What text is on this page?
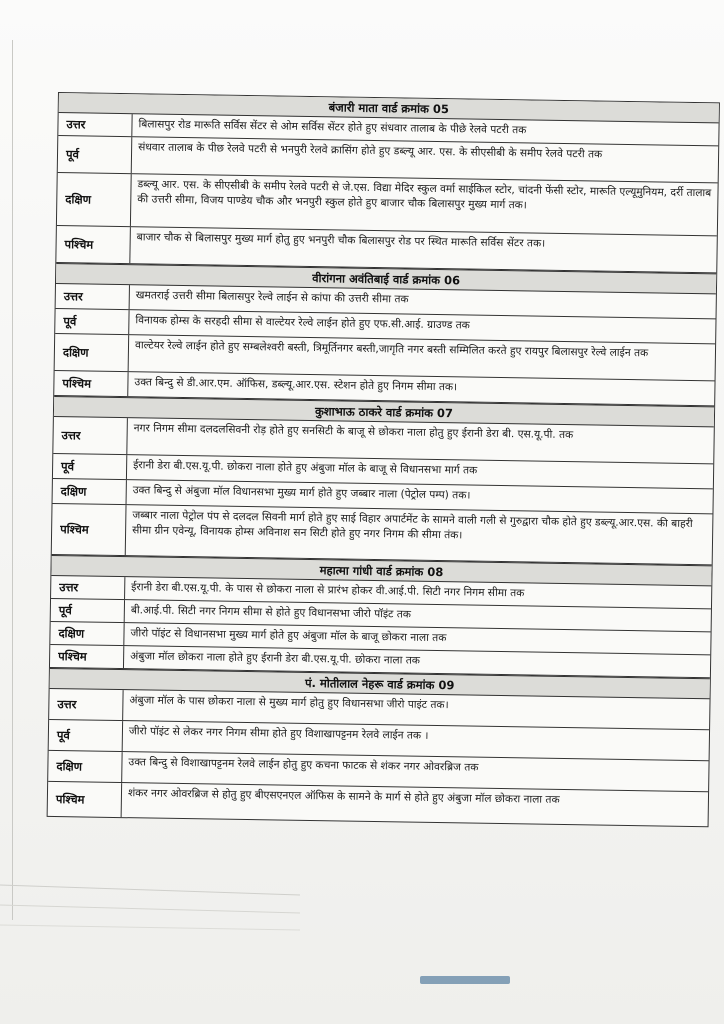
बंजारी माता वार्ड क्रमांक 05
उत्तर	बिलासपुर रोड मारूति सर्विस सेंटर से ओम सर्विस सेंटर होते हुए संधवार तालाब के पीछे रेलवे पटरी तक
पूर्व	संधवार तालाब के पीछ रेलवे पटरी से भनपुरी रेलवे क्रासिंग होते हुए डब्ल्यू आर. एस. के सीएसीबी के समीप रेलवे पटरी तक
दक्षिण	डब्ल्यू आर. एस. के सीएसीबी के समीप रेलवे पटरी से जे.एस. विद्या मेदिर स्कुल वर्मा साईकिल स्टोर, चांदनी फेंसी स्टोर, मारूति एल्यूमुनियम, दर्री तालाब की उत्तरी सीमा, विजय पाण्डेय चौक और भनपुरी स्कुल होते हुए बाजार चौक बिलासपुर मुख्य मार्ग तक।
पश्चिम	बाजार चौक से बिलासपुर मुख्य मार्ग होतु हुए भनपुरी चौक बिलासपुर रोड पर स्थित मारूति सर्विस सेंटर तक।
वीरांगना अवंतिबाई वार्ड क्रमांक 06
उत्तर	खमतराई उत्तरी सीमा बिलासपुर रेल्वे लाईन से कांपा की उत्तरी सीमा तक
पूर्व	विनायक होम्स के सरहदी सीमा से वाल्टेयर रेल्वे लाईन होते हुए एफ.सी.आई. ग्राउण्ड तक
दक्षिण	वाल्टेयर रेल्वे लाईन होते हुए सम्बलेश्वरी बस्ती, त्रिमूर्तिनगर बस्ती,जागृति नगर बस्ती सम्मिलित करते हुए रायपुर बिलासपुर रेल्वे लाईन तक
पश्चिम	उक्त बिन्दु से डी.आर.एम. ऑफिस, डब्ल्यू.आर.एस. स्टेशन होते हुए निगम सीमा तक।
कुशाभाऊ ठाकरे वार्ड क्रमांक 07
उत्तर	नगर निगम सीमा दलदलसिवनी रोड़ होते हुए सनसिटी के बाजू से छोकरा नाला होतु हुए ईरानी डेरा बी. एस.यू.पी. तक
पूर्व	ईरानी डेरा बी.एस.यू.पी. छोकरा नाला होते हुए अंबुजा मॉल के बाजू से विधानसभा मार्ग तक
दक्षिण	उक्त बिन्दु से अंबुजा मॉल विधानसभा मुख्य मार्ग होते हुए जब्बार नाला (पेट्रोल पम्प) तक।
पश्चिम	जब्बार नाला पेट्रोल पंप से दलदल सिवनी मार्ग होते हुए साई विहार अपार्टमेंट के सामने वाली गली से गुरुद्वारा चौक होते हुए डब्ल्यू.आर.एस. की बाहरी सीमा ग्रीन एवेन्यू, विनायक होम्स अविनाश सन सिटी होते हुए नगर निगम की सीमा तंक।
महात्मा गांधी वार्ड क्रमांक 08
उत्तर	ईरानी डेरा बी.एस.यू.पी. के पास से छोकरा नाला से प्रारंभ होकर वी.आई.पी. सिटी नगर निगम सीमा तक
पूर्व	बी.आई.पी. सिटी नगर निगम सीमा से होते हुए विधानसभा जीरो पॉइंट तक
दक्षिण	जीरो पॉइंट से विधानसभा मुख्य मार्ग होते हुए अंबुजा मॉल के बाजू छोकरा नाला तक
पश्चिम	अंबुजा मॉल छोकरा नाला होते हुए ईरानी डेरा बी.एस.यू.पी. छोकरा नाला तक
पं. मोतीलाल नेहरू वार्ड क्रमांक 09
उत्तर	अंबुजा मॉल के पास छोकरा नाला से मुख्य मार्ग होतु हुए विधानसभा जीरो पाइंट तक।
पूर्व	जीरो पॉइंट से लेकर नगर निगम सीमा होते हुए विशाखापट्टनम रेलवे लाईन तक ।
दक्षिण	उक्त बिन्दु से विशाखापट्टनम रेलवे लाईन होतु हुए कचना फाटक से शंकर नगर ओवरब्रिज तक
पश्चिम	शंकर नगर ओवरब्रिज से होतु हुए बीएसएनएल ऑफिस के सामने के मार्ग से होते हुए अंबुजा मॉल छोकरा नाला तक
